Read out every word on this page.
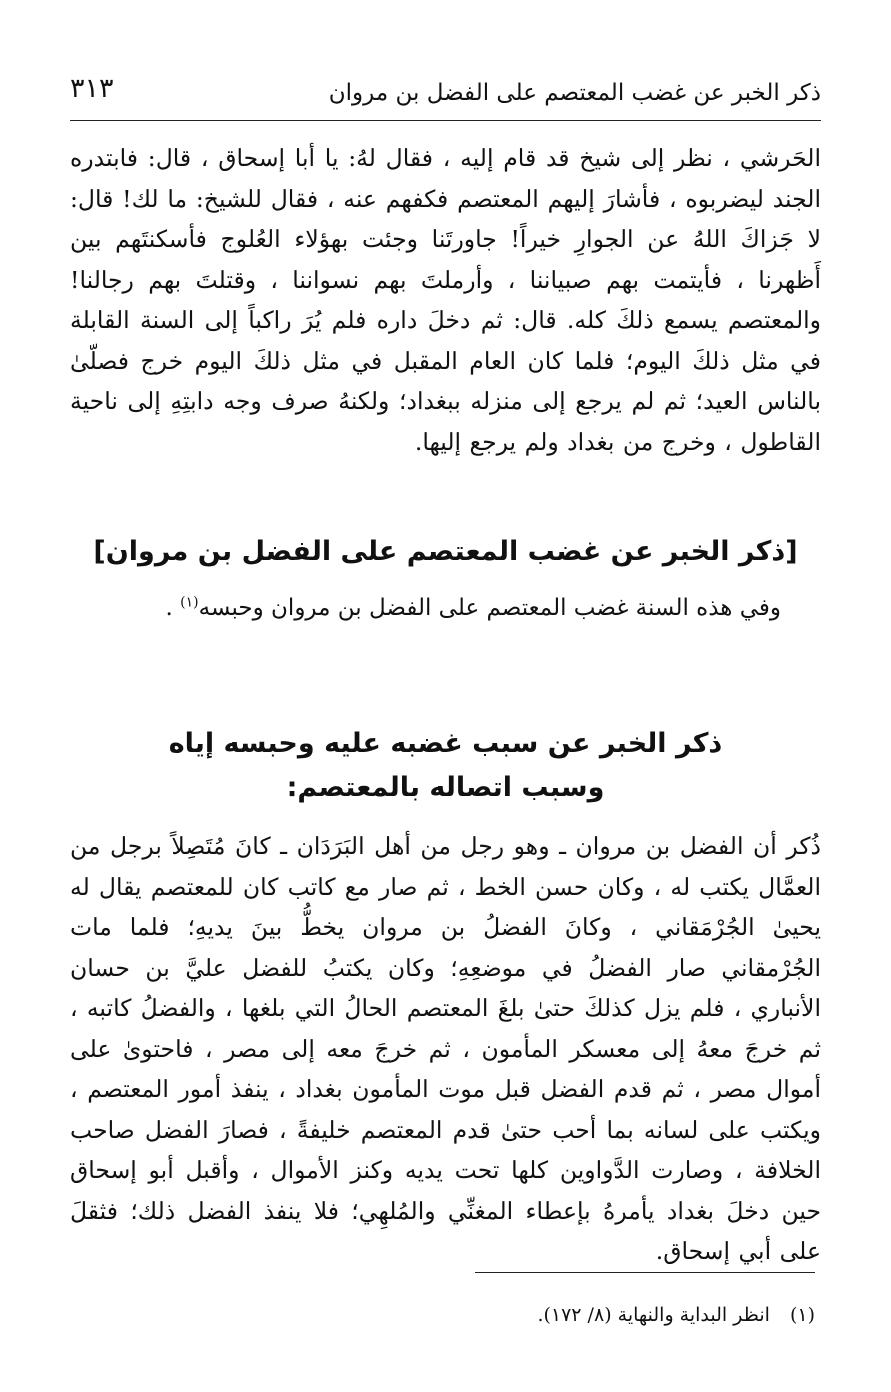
ذكر الخبر عن غضب المعتصم على الفضل بن مروان
٣١٣

الحَرشي ، نظر إلى شيخ قد قام إليه ، فقال لهُ: يا أبا إسحاق ، قال: فابتدره الجند ليضربوه ، فأشارَ إليهم المعتصم فكفهم عنه ، فقال للشيخ: ما لك! قال: لا جَزاكَ اللهُ عن الجوارِ خيراً! جاورتَنا وجئت بهؤلاء العُلوج فأسكنتَهم بين أَظهرنا ، فأيتمت بهم صبياننا ، وأرملتَ بهم نسواننا ، وقتلتَ بهم رجالنا! والمعتصم يسمع ذلكَ كله. قال: ثم دخلَ داره فلم يُرَ راكباً إلى السنة القابلة في مثل ذلكَ اليوم؛ فلما كان العام المقبل في مثل ذلكَ اليوم خرج فصلّىٰ بالناس العيد؛ ثم لم يرجع إلى منزله ببغداد؛ ولكنهُ صرف وجه دابتِهِ إلى ناحية القاطول ، وخرج من بغداد ولم يرجع إليها.

[ذكر الخبر عن غضب المعتصم على الفضل بن مروان]

وفي هذه السنة غضب المعتصم على الفضل بن مروان وحبسه$^{(١)}$ .

ذكر الخبر عن سبب غضبه عليه وحبسه إياه
وسبب اتصاله بالمعتصم:

ذُكر أن الفضل بن مروان ـ وهو رجل من أهل البَرَدَان ـ كانَ مُتَصِلاً برجل من العمَّال يكتب له ، وكان حسن الخط ، ثم صار مع كاتب كان للمعتصم يقال له يحيىٰ الجُرْمَقاني ، وكانَ الفضلُ بن مروان يخطُّ بينَ يديهِ؛ فلما مات الجُرْمقاني صار الفضلُ في موضعِهِ؛ وكان يكتبُ للفضل عليَّ بن حسان الأنباري ، فلم يزل كذلكَ حتىٰ بلغَ المعتصم الحالُ التي بلغها ، والفضلُ كاتبه ، ثم خرجَ معهُ إلى معسكر المأمون ، ثم خرجَ معه إلى مصر ، فاحتوىٰ على أموال مصر ، ثم قدم الفضل قبل موت المأمون بغداد ، ينفذ أمور المعتصم ، ويكتب على لسانه بما أحب حتىٰ قدم المعتصم خليفةً ، فصارَ الفضل صاحب الخلافة ، وصارت الدَّواوين كلها تحت يديه وكنز الأموال ، وأقبل أبو إسحاق حين دخلَ بغداد يأمرهُ بإعطاء المغنِّي والمُلهِي؛ فلا ينفذ الفضل ذلك؛ فثقلَ على أبي إسحاق.

(١) انظر البداية والنهاية (٨/ ١٧٢).
